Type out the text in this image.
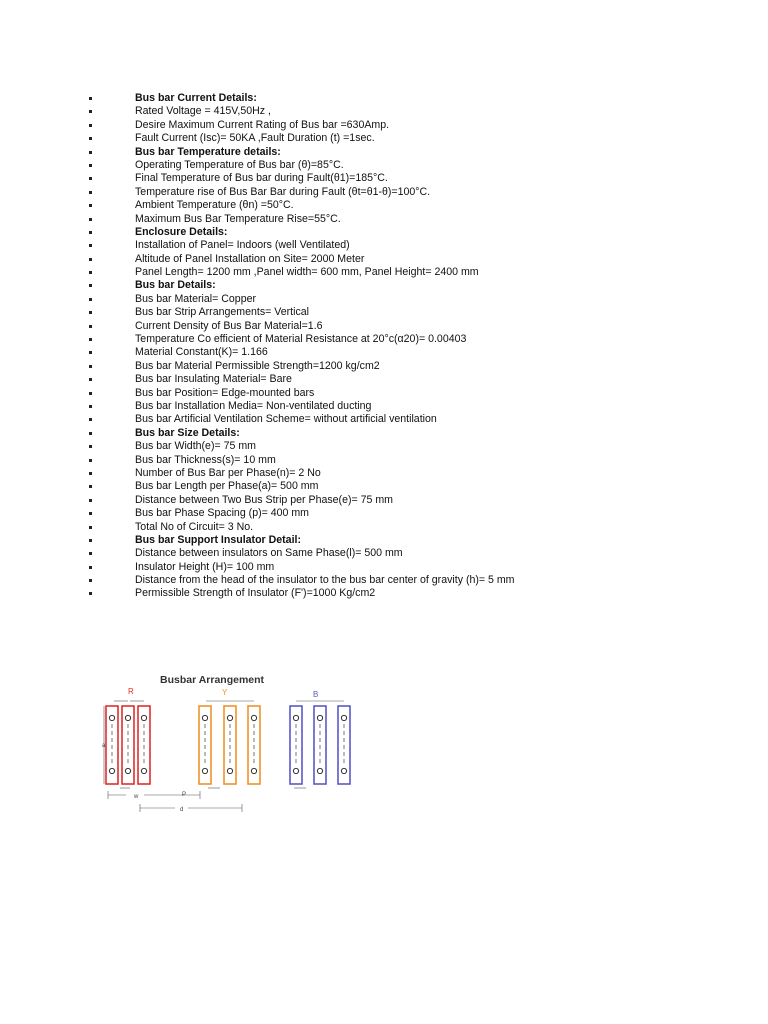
Bus bar Current Details:
Rated Voltage = 415V,50Hz ,
Desire Maximum Current Rating of Bus bar =630Amp.
Fault Current (Isc)= 50KA ,Fault Duration (t) =1sec.
Bus bar Temperature details:
Operating Temperature of Bus bar (θ)=85°C.
Final Temperature of Bus bar during Fault(θ1)=185°C.
Temperature rise of Bus Bar Bar during Fault (θt=θ1-θ)=100°C.
Ambient Temperature (θn) =50°C.
Maximum Bus Bar Temperature Rise=55°C.
Enclosure Details:
Installation of Panel= Indoors (well Ventilated)
Altitude of Panel Installation on Site= 2000 Meter
Panel Length= 1200 mm ,Panel width= 600 mm, Panel Height= 2400 mm
Bus bar Details:
Bus bar Material= Copper
Bus bar Strip Arrangements= Vertical
Current Density of Bus Bar Material=1.6
Temperature Co efficient of Material Resistance at 20°c(α20)= 0.00403
Material Constant(K)= 1.166
Bus bar Material Permissible Strength=1200 kg/cm2
Bus bar Insulating Material= Bare
Bus bar Position= Edge-mounted bars
Bus bar Installation Media= Non-ventilated ducting
Bus bar Artificial Ventilation Scheme= without artificial ventilation
Bus bar Size Details:
Bus bar Width(e)= 75 mm
Bus bar Thickness(s)= 10 mm
Number of Bus Bar per Phase(n)= 2 No
Bus bar Length per Phase(a)= 500 mm
Distance between Two Bus Strip per Phase(e)= 75 mm
Bus bar Phase Spacing (p)= 400 mm
Total No of Circuit= 3 No.
Bus bar Support Insulator Detail:
Distance between insulators on Same Phase(l)= 500 mm
Insulator Height (H)= 100 mm
Distance from the head of the insulator to the bus bar center of gravity (h)= 5 mm
Permissible Strength of Insulator (F')=1000 Kg/cm2
Busbar Arrangement
R	Y	B
a
w	P
d
